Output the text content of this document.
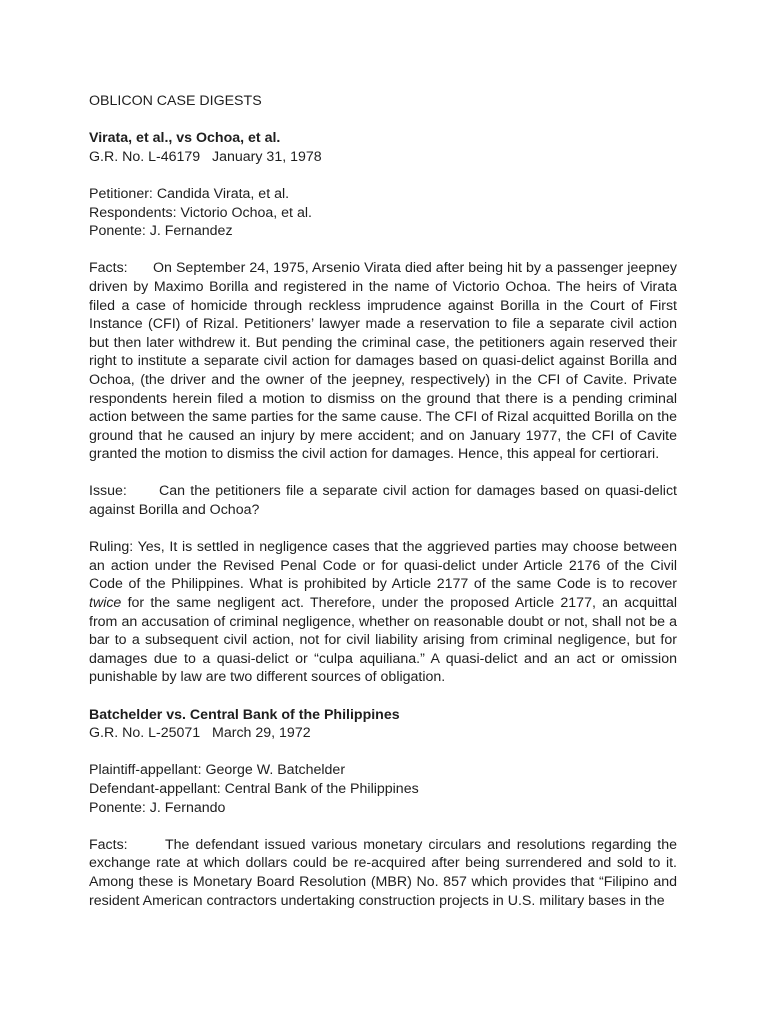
OBLICON CASE DIGESTS
Virata, et al., vs Ochoa, et al.
G.R. No. L-46179   January 31, 1978
Petitioner: Candida Virata, et al.
Respondents: Victorio Ochoa, et al.
Ponente: J. Fernandez

Facts: On September 24, 1975, Arsenio Virata died after being hit by a passenger jeepney driven by Maximo Borilla and registered in the name of Victorio Ochoa. The heirs of Virata filed a case of homicide through reckless imprudence against Borilla in the Court of First Instance (CFI) of Rizal. Petitioners’ lawyer made a reservation to file a separate civil action but then later withdrew it. But pending the criminal case, the petitioners again reserved their right to institute a separate civil action for damages based on quasi-delict against Borilla and Ochoa, (the driver and the owner of the jeepney, respectively) in the CFI of Cavite. Private respondents herein filed a motion to dismiss on the ground that there is a pending criminal action between the same parties for the same cause. The CFI of Rizal acquitted Borilla on the ground that he caused an injury by mere accident; and on January 1977, the CFI of Cavite granted the motion to dismiss the civil action for damages. Hence, this appeal for certiorari.

Issue: Can the petitioners file a separate civil action for damages based on quasi-delict against Borilla and Ochoa?

Ruling: Yes, It is settled in negligence cases that the aggrieved parties may choose between an action under the Revised Penal Code or for quasi-delict under Article 2176 of the Civil Code of the Philippines. What is prohibited by Article 2177 of the same Code is to recover twice for the same negligent act. Therefore, under the proposed Article 2177, an acquittal from an accusation of criminal negligence, whether on reasonable doubt or not, shall not be a bar to a subsequent civil action, not for civil liability arising from criminal negligence, but for damages due to a quasi-delict or “culpa aquiliana.” A quasi-delict and an act or omission punishable by law are two different sources of obligation.

Batchelder vs. Central Bank of the Philippines
G.R. No. L-25071   March 29, 1972
Plaintiff-appellant: George W. Batchelder
Defendant-appellant: Central Bank of the Philippines
Ponente: J. Fernando

Facts:	The defendant issued various monetary circulars and resolutions regarding the exchange rate at which dollars could be re-acquired after being surrendered and sold to it. Among these is Monetary Board Resolution (MBR) No. 857 which provides that “Filipino and resident American contractors undertaking construction projects in U.S. military bases in the
